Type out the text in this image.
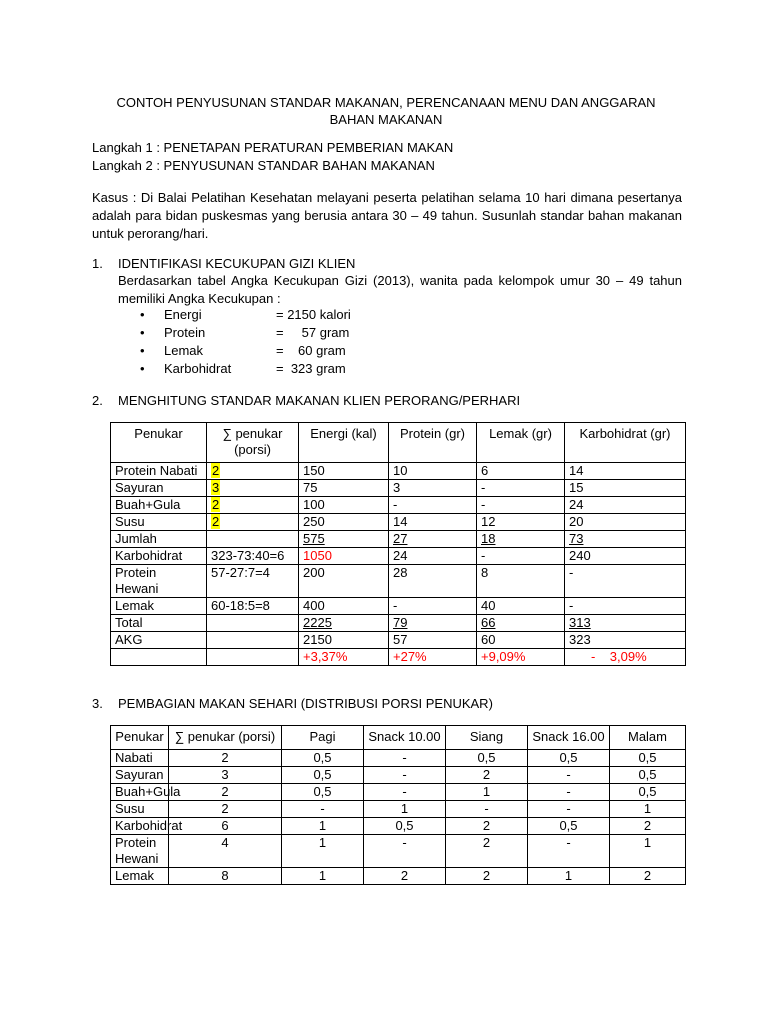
CONTOH PENYUSUNAN STANDAR MAKANAN, PERENCANAAN MENU DAN ANGGARAN
BAHAN MAKANAN
Langkah 1 : PENETAPAN PERATURAN PEMBERIAN MAKAN
Langkah 2 : PENYUSUNAN STANDAR BAHAN MAKANAN
Kasus : Di Balai Pelatihan Kesehatan melayani peserta pelatihan selama 10 hari dimana pesertanya adalah para bidan puskesmas yang berusia antara 30 – 49 tahun. Susunlah standar bahan makanan untuk perorang/hari.
1. IDENTIFIKASI KECUKUPAN GIZI KLIEN
Berdasarkan tabel Angka Kecukupan Gizi (2013), wanita pada kelompok umur 30 – 49 tahun memiliki Angka Kecukupan :
• Energi	= 2150 kalori
• Protein	=     57 gram
• Lemak	=    60 gram
• Karbohidrat	=  323 gram
2. MENGHITUNG STANDAR MAKANAN KLIEN PERORANG/PERHARI
Penukar	∑ penukar (porsi)	Energi (kal)	Protein (gr)	Lemak (gr)	Karbohidrat (gr)
Protein Nabati	2	150	10	6	14
Sayuran	3	75	3	-	15
Buah+Gula	2	100	-	-	24
Susu	2	250	14	12	20
Jumlah		575	27	18	73
Karbohidrat	323-73:40=6	1050	24	-	240
Protein Hewani	57-27:7=4	200	28	8	-
Lemak	60-18:5=8	400	-	40	-
Total		2225	79	66	313
AKG		2150	57	60	323
		+3,37%	+27%	+9,09%	-    3,09%
3. PEMBAGIAN MAKAN SEHARI (DISTRIBUSI PORSI PENUKAR)
Penukar	∑ penukar (porsi)	Pagi	Snack 10.00	Siang	Snack 16.00	Malam
Nabati	2	0,5	-	0,5	0,5	0,5
Sayuran	3	0,5	-	2	-	0,5
Buah+Gula	2	0,5	-	1	-	0,5
Susu	2	-	1	-	-	1
Karbohidrat	6	1	0,5	2	0,5	2
Protein Hewani	4	1	-	2	-	1
Lemak	8	1	2	2	1	2
